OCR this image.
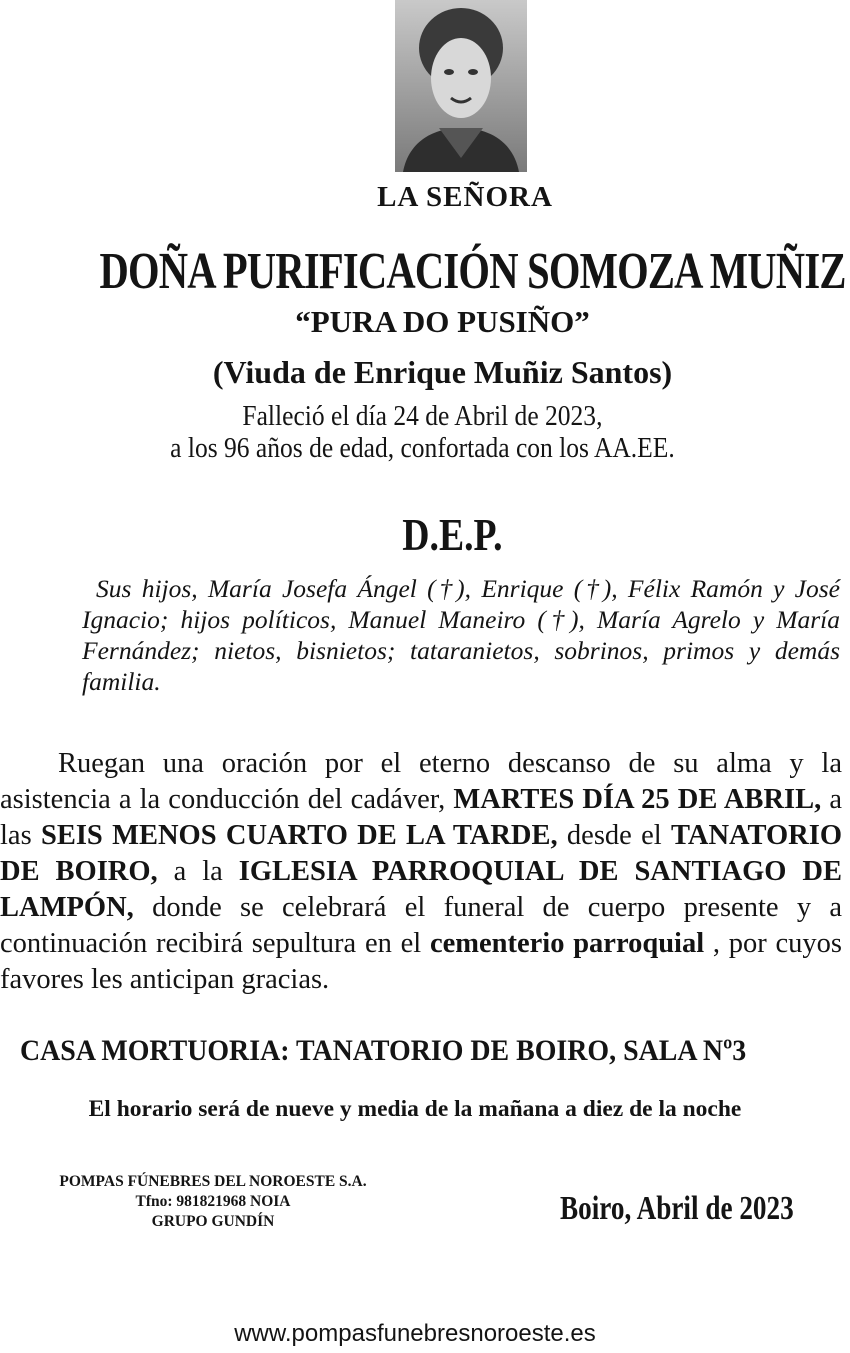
LA SEÑORA
DOÑA PURIFICACIÓN SOMOZA MUÑIZ
“PURA DO PUSIÑO”
(Viuda de Enrique Muñiz Santos)
Falleció el día 24 de Abril de 2023,
a los 96 años de edad, confortada con los AA.EE.
D.E.P.
Sus hijos, María Josefa Ángel (†), Enrique (†), Félix Ramón y José Ignacio; hijos políticos, Manuel Maneiro (†), María Agrelo y María Fernández; nietos, bisnietos; tataranietos, sobrinos, primos y demás familia.

Ruegan una oración por el eterno descanso de su alma y la asistencia a la conducción del cadáver, MARTES DÍA 25 DE ABRIL, a las SEIS MENOS CUARTO DE LA TARDE, desde el TANATORIO DE BOIRO, a la IGLESIA PARROQUIAL DE SANTIAGO DE LAMPÓN, donde se celebrará el funeral de cuerpo presente y a continuación recibirá sepultura en el cementerio parroquial , por cuyos favores les anticipan gracias.

CASA MORTUORIA: TANATORIO DE BOIRO, SALA Nº3
El horario será de nueve y media de la mañana a diez de la noche
POMPAS FÚNEBRES DEL NOROESTE S.A.
Tfno: 981821968 NOIA
GRUPO GUNDÍN	Boiro, Abril de 2023
www.pompasfunebresnoroeste.es
